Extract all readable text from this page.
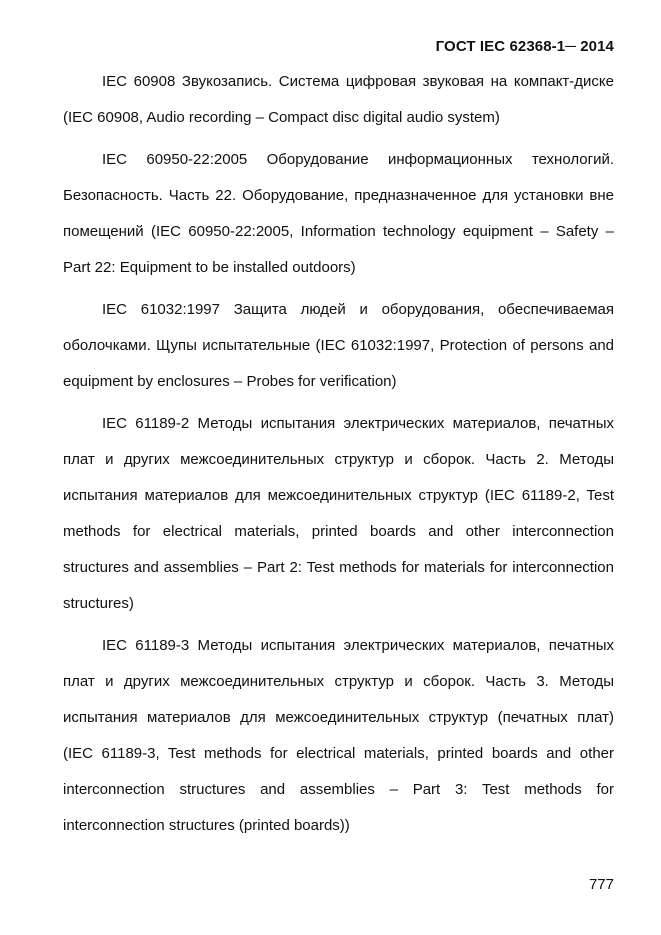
ГОСТ IEC 62368-1─ 2014

IEC 60908 Звукозапись. Система цифровая звуковая на компакт-диске (IEC 60908, Audio recording – Compact disc digital audio system)

IEC 60950-22:2005 Оборудование информационных технологий. Безопасность. Часть 22. Оборудование, предназначенное для установки вне помещений (IEC 60950-22:2005, Information technology equipment – Safety – Part 22: Equipment to be installed outdoors)

IEC 61032:1997 Защита людей и оборудования, обеспечиваемая оболочками. Щупы испытательные (IEC 61032:1997, Protection of persons and equipment by enclosures – Probes for verification)

IEC 61189-2 Методы испытания электрических материалов, печатных плат и других межсоединительных структур и сборок. Часть 2. Методы испытания материалов для межсоединительных структур (IEC 61189-2, Test methods for electrical materials, printed boards and other interconnection structures and assemblies – Part 2: Test methods for materials for interconnection structures)

IEC 61189-3 Методы испытания электрических материалов, печатных плат и других межсоединительных структур и сборок. Часть 3. Методы испытания материалов для межсоединительных структур (печатных плат) (IEC 61189-3, Test methods for electrical materials, printed boards and other interconnection structures and assemblies – Part 3: Test methods for interconnection structures (printed boards))

777
